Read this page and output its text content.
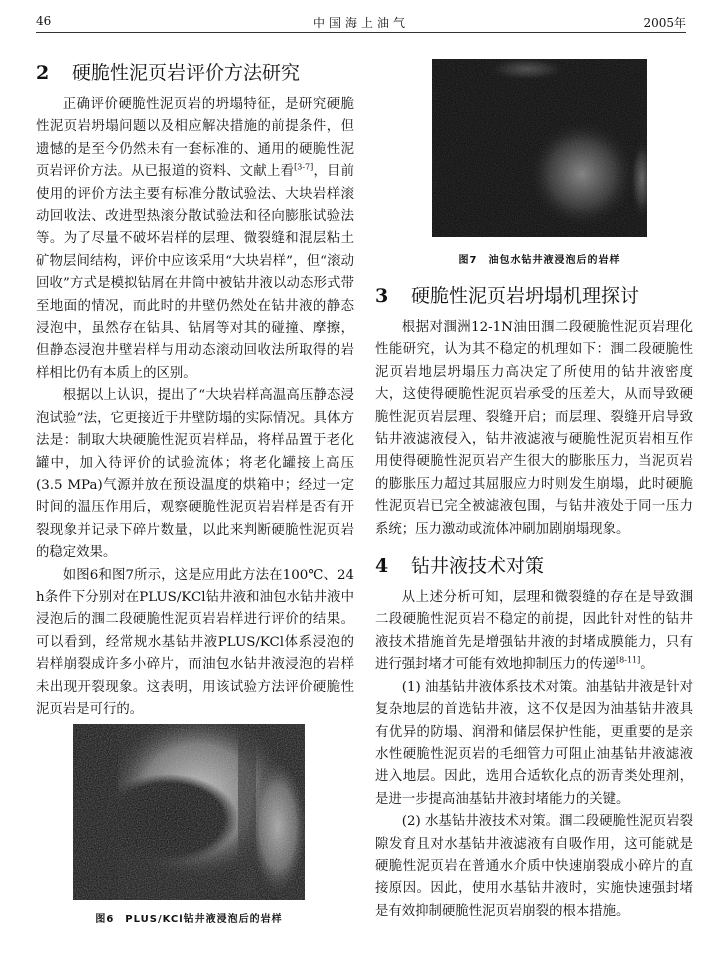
46	中国海上油气	2005年
2 硬脆性泥页岩评价方法研究

正确评价硬脆性泥页岩的坍塌特征，是研究硬脆性泥页岩坍塌问题以及相应解决措施的前提条件，但遗憾的是至今仍然未有一套标准的、通用的硬脆性泥页岩评价方法。从已报道的资料、文献上看[3-7]，目前使用的评价方法主要有标准分散试验法、大块岩样滚动回收法、改进型热滚分散试验法和径向膨胀试验法等。为了尽量不破坏岩样的层理、微裂缝和混层粘土矿物层间结构，评价中应该采用“大块岩样”，但“滚动回收”方式是模拟钻屑在井筒中被钻井液以动态形式带至地面的情况，而此时的井壁仍然处在钻井液的静态浸泡中，虽然存在钻具、钻屑等对其的碰撞、摩擦，但静态浸泡井壁岩样与用动态滚动回收法所取得的岩样相比仍有本质上的区别。

根据以上认识，提出了“大块岩样高温高压静态浸泡试验”法，它更接近于井壁防塌的实际情况。具体方法是：制取大块硬脆性泥页岩样品，将样品置于老化罐中，加入待评价的试验流体；将老化罐接上高压(3.5 MPa)气源并放在预设温度的烘箱中；经过一定时间的温压作用后，观察硬脆性泥页岩岩样是否有开裂现象并记录下碎片数量，以此来判断硬脆性泥页岩的稳定效果。

如图6和图7所示，这是应用此方法在100℃、24 h条件下分别对在PLUS/KCl钻井液和油包水钻井液中浸泡后的涠二段硬脆性泥页岩岩样进行评价的结果。可以看到，经常规水基钻井液PLUS/KCl体系浸泡的岩样崩裂成许多小碎片，而油包水钻井液浸泡的岩样未出现开裂现象。这表明，用该试验方法评价硬脆性泥页岩是可行的。

图6　PLUS/KCl钻井液浸泡后的岩样
图7　油包水钻井液浸泡后的岩样
3 硬脆性泥页岩坍塌机理探讨

根据对涠洲12-1N油田涠二段硬脆性泥页岩理化性能研究，认为其不稳定的机理如下：涠二段硬脆性泥页岩地层坍塌压力高决定了所使用的钻井液密度大，这使得硬脆性泥页岩承受的压差大，从而导致硬脆性泥页岩层理、裂缝开启；而层理、裂缝开启导致钻井液滤液侵入，钻井液滤液与硬脆性泥页岩相互作用使得硬脆性泥页岩产生很大的膨胀压力，当泥页岩的膨胀压力超过其屈服应力时则发生崩塌，此时硬脆性泥页岩已完全被滤液包围，与钻井液处于同一压力系统；压力激动或流体冲刷加剧崩塌现象。

4 钻井液技术对策

从上述分析可知，层理和微裂缝的存在是导致涠二段硬脆性泥页岩不稳定的前提，因此针对性的钻井液技术措施首先是增强钻井液的封堵成膜能力，只有进行强封堵才可能有效地抑制压力的传递[8-11]。

(1) 油基钻井液体系技术对策。油基钻井液是针对复杂地层的首选钻井液，这不仅是因为油基钻井液具有优异的防塌、润滑和储层保护性能，更重要的是亲水性硬脆性泥页岩的毛细管力可阻止油基钻井液滤液进入地层。因此，选用合适软化点的沥青类处理剂，是进一步提高油基钻井液封堵能力的关键。

(2) 水基钻井液技术对策。涠二段硬脆性泥页岩裂隙发育且对水基钻井液滤液有自吸作用，这可能就是硬脆性泥页岩在普通水介质中快速崩裂成小碎片的直接原因。因此，使用水基钻井液时，实施快速强封堵是有效抑制硬脆性泥页岩崩裂的根本措施。
